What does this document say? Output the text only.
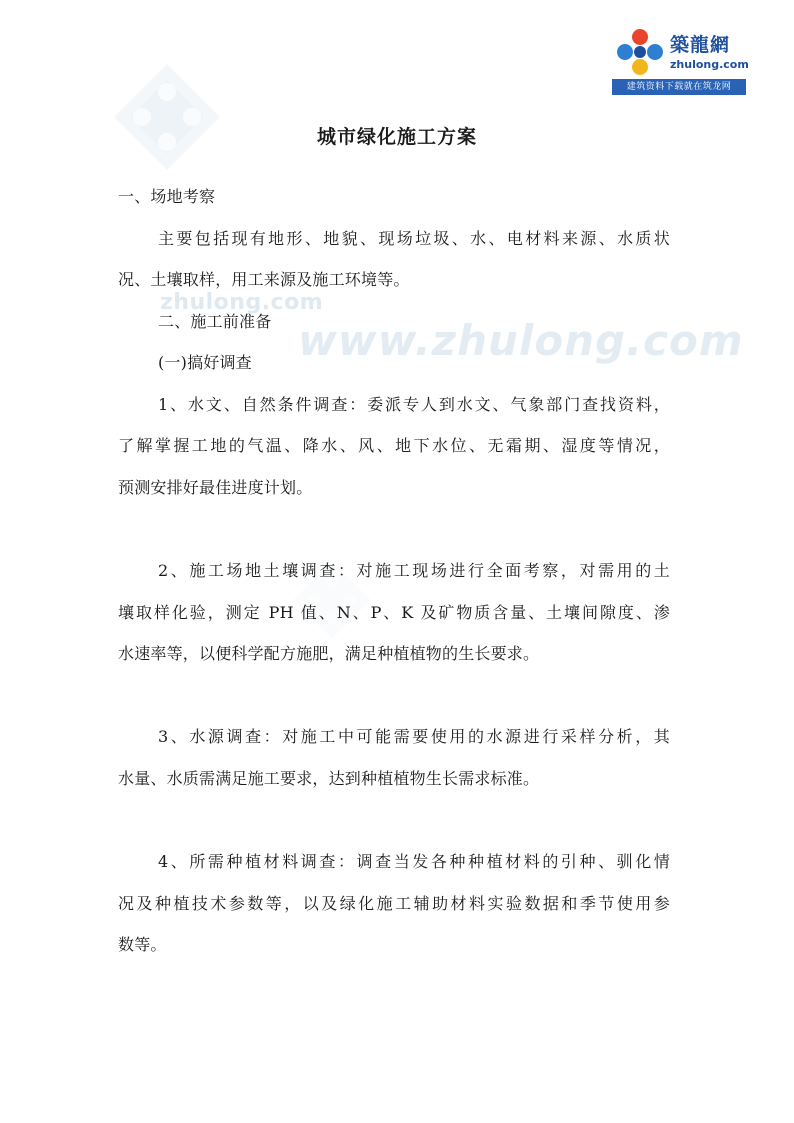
zhulong.com
www.zhulong.com
築龍網
zhulong.com
建筑资料下载就在筑龙网
城市绿化施工方案
一、场地考察
主要包括现有地形、地貌、现场垃圾、水、电材料来源、水质状
况、土壤取样，用工来源及施工环境等。
二、施工前准备
(一)搞好调查
1、水文、自然条件调查：委派专人到水文、气象部门查找资料，
了解掌握工地的气温、降水、风、地下水位、无霜期、湿度等情况，
预测安排好最佳进度计划。
2、施工场地土壤调查：对施工现场进行全面考察，对需用的土
壤取样化验，测定 PH 值、N、P、K 及矿物质含量、土壤间隙度、渗
水速率等，以便科学配方施肥，满足种植植物的生长要求。
3、水源调查：对施工中可能需要使用的水源进行采样分析，其
水量、水质需满足施工要求，达到种植植物生长需求标准。
4、所需种植材料调查：调查当发各种种植材料的引种、驯化情
况及种植技术参数等，以及绿化施工辅助材料实验数据和季节使用参
数等。
